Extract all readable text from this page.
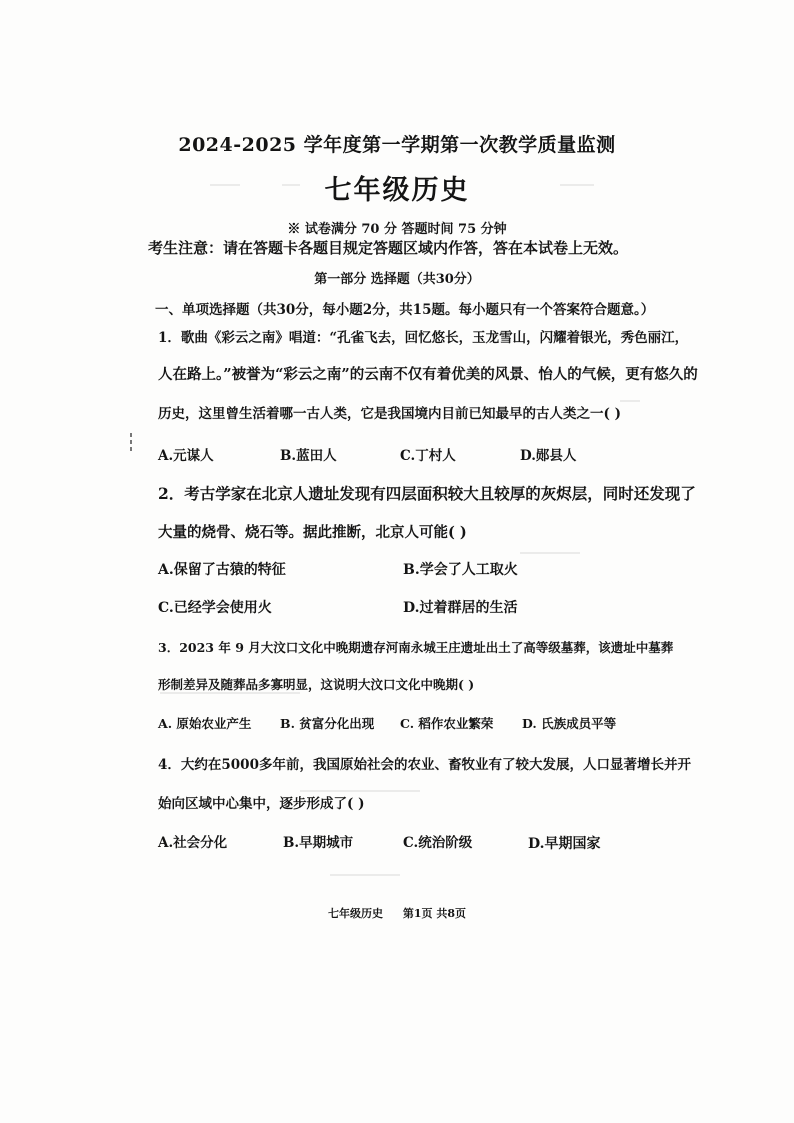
2024-2025 学年度第一学期第一次教学质量监测
七年级历史
※ 试卷满分 70 分 答题时间 75 分钟
考生注意：请在答题卡各题目规定答题区域内作答，答在本试卷上无效。
第一部分 选择题（共30分）
一、单项选择题（共30分，每小题2分，共15题。每小题只有一个答案符合题意。）
1．歌曲《彩云之南》唱道：“孔雀飞去，回忆悠长，玉龙雪山，闪耀着银光，秀色丽江，
人在路上。”被誉为“彩云之南”的云南不仅有着优美的风景、怡人的气候，更有悠久的
历史，这里曾生活着哪一古人类，它是我国境内目前已知最早的古人类之一( )
A.元谋人	B.蓝田人	C.丁村人	D.郧县人
2．考古学家在北京人遗址发现有四层面积较大且较厚的灰烬层，同时还发现了
大量的烧骨、烧石等。据此推断，北京人可能( )
A.保留了古猿的特征	B.学会了人工取火
C.已经学会使用火	D.过着群居的生活
3．2023 年 9 月大汶口文化中晚期遗存河南永城王庄遗址出土了高等级墓葬，该遗址中墓葬
形制差异及随葬品多寡明显，这说明大汶口文化中晚期( )
A. 原始农业产生 B. 贫富分化出现 C. 稻作农业繁荣 D. 氏族成员平等
4．大约在5000多年前，我国原始社会的农业、畜牧业有了较大发展，人口显著增长并开
始向区域中心集中，逐步形成了( )
A.社会分化	B.早期城市	C.统治阶级	D.早期国家
七年级历史 第1页 共8页
